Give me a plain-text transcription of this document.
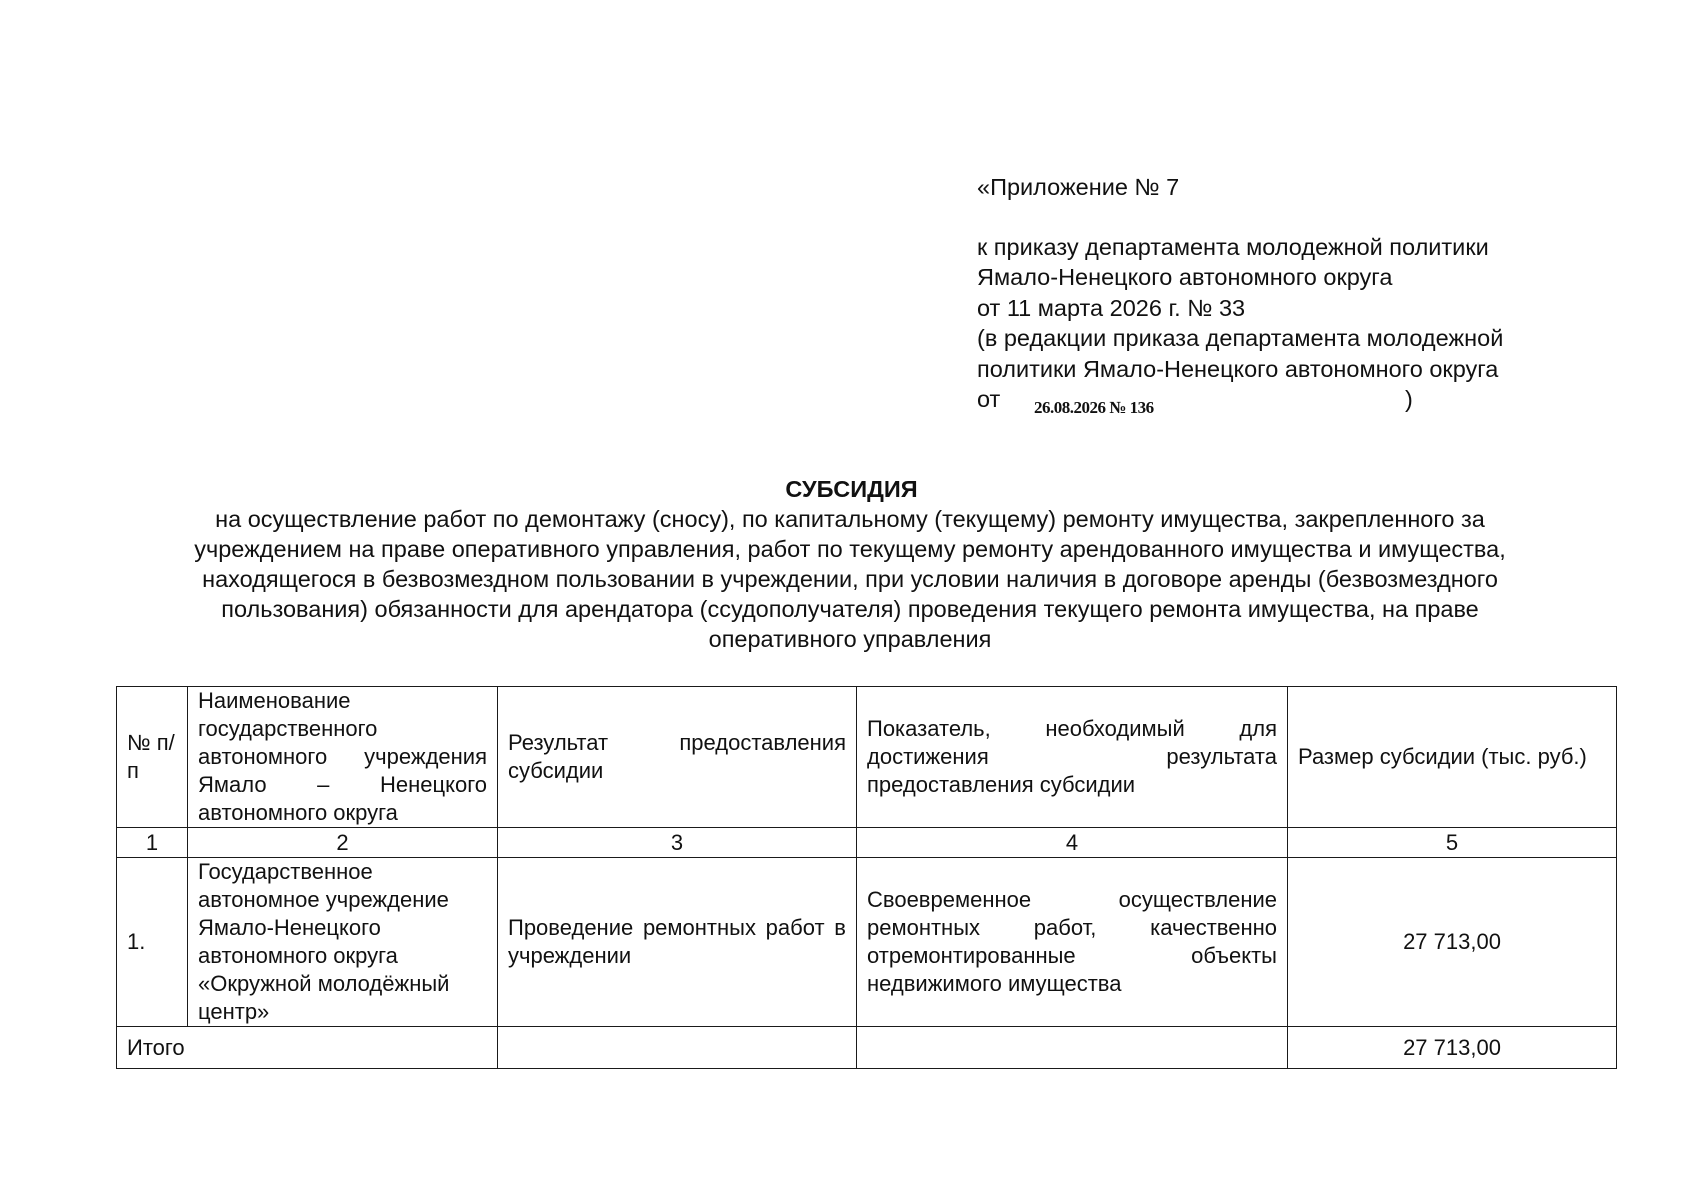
«Приложение № 7

к приказу департамента молодежной политики

Ямало-Ненецкого автономного округа

от 11 марта 2026 г. № 33

(в редакции приказа департамента молодежной

политики Ямало-Ненецкого автономного округа

от 26.08.2026 № 136	)
СУБСИДИЯ

на осуществление работ по демонтажу (сносу), по капитальному (текущему) ремонту имущества, закрепленного за учреждением на праве оперативного управления, работ по текущему ремонту арендованного имущества и имущества, находящегося в безвозмездном пользовании в учреждении, при условии наличия в договоре аренды (безвозмездного пользования) обязанности для арендатора (ссудополучателя) проведения текущего ремонта имущества, на праве оперативного управления

№ п/п	Наименование государственного автономного учреждения Ямало – Ненецкого автономного округа	Результат предоставления субсидии	Показатель, необходимый для достижения результата предоставления субсидии	Размер субсидии (тыс. руб.)
1	2	3	4	5
1.	Государственное автономное учреждение Ямало-Ненецкого автономного округа «Окружной молодёжный центр»	Проведение ремонтных работ в учреждении	Своевременное осуществление ремонтных работ, качественно отремонтированные объекты недвижимого имущества	27 713,00
Итого				27 713,00
